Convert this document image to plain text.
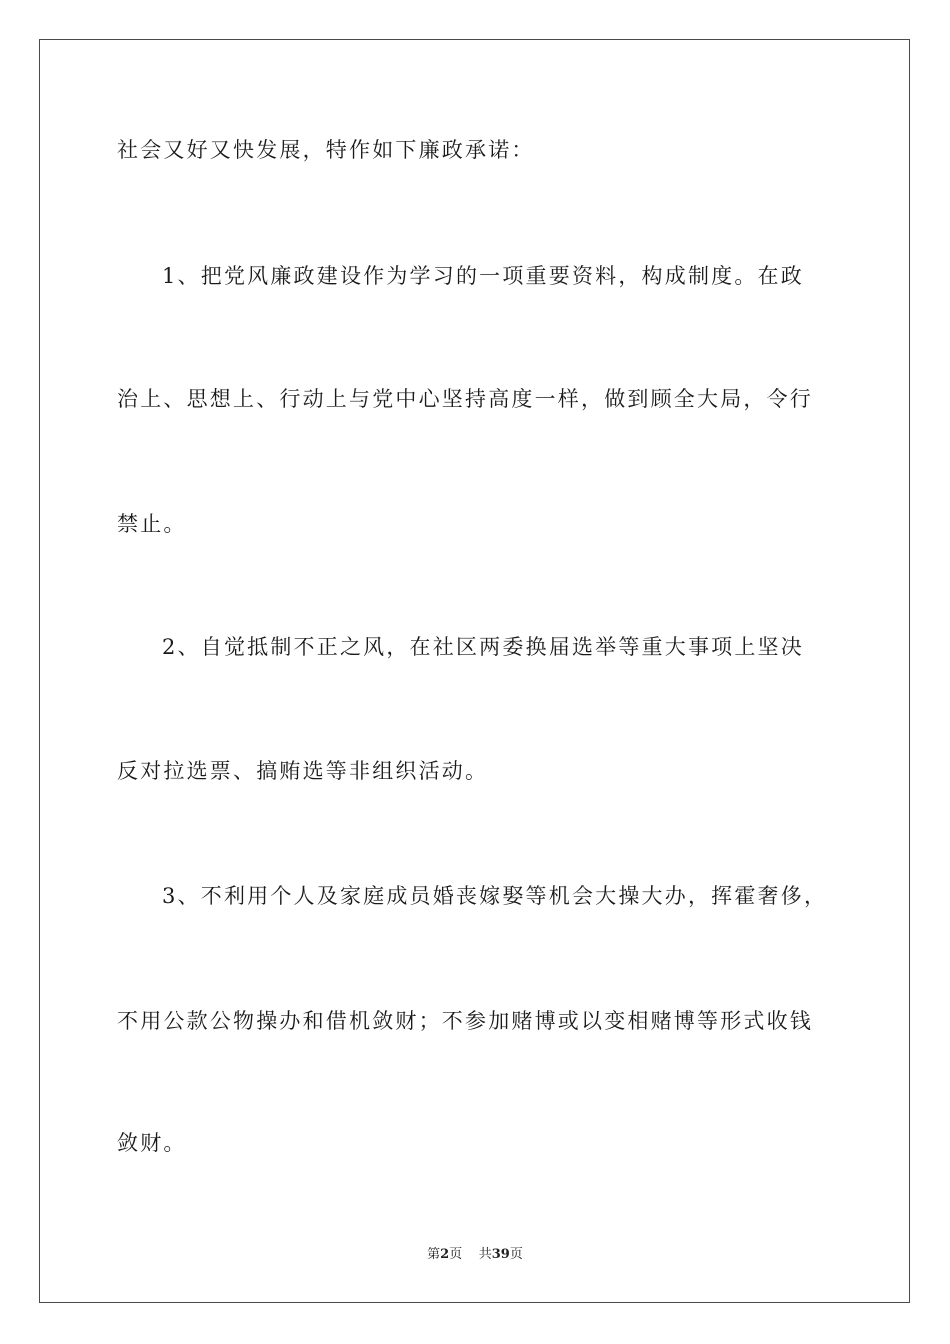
社会又好又快发展，特作如下廉政承诺：
1、把党风廉政建设作为学习的一项重要资料，构成制度。在政
治上、思想上、行动上与党中心坚持高度一样，做到顾全大局，令行
禁止。
2、自觉抵制不正之风，在社区两委换届选举等重大事项上坚决
反对拉选票、搞贿选等非组织活动。
3、不利用个人及家庭成员婚丧嫁娶等机会大操大办，挥霍奢侈，
不用公款公物操办和借机敛财；不参加赌博或以变相赌博等形式收钱
敛财。
第2页 共39页
